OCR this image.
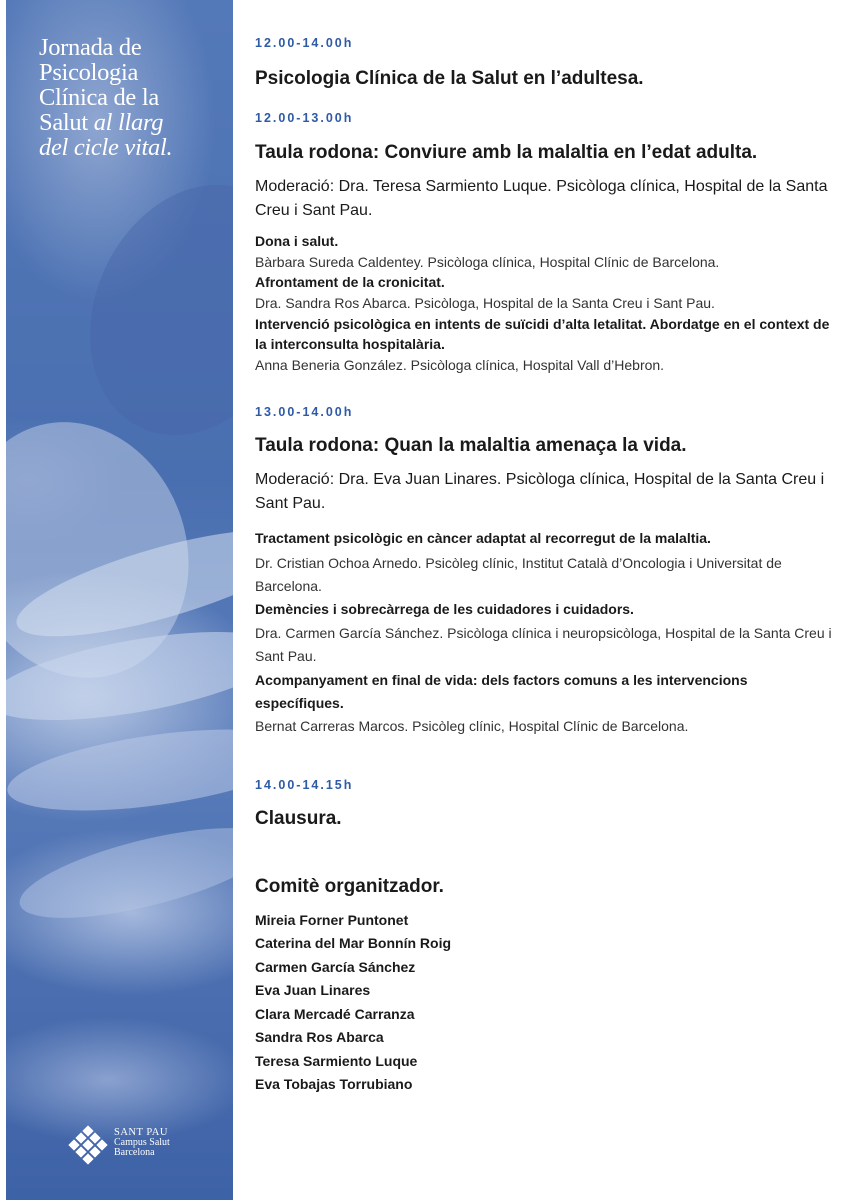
Jornada de
Psicologia
Clínica de la
Salut al llarg
del cicle vital.
SANT PAU
Campus Salut
Barcelona
12.00-14.00h
Psicologia Clínica de la Salut en l’adultesa.
12.00-13.00h
Taula rodona: Conviure amb la malaltia en l’edat adulta.
Moderació: Dra. Teresa Sarmiento Luque. Psicòloga clínica, Hospital de la Santa Creu i Sant Pau.
Dona i salut.
Bàrbara Sureda Caldentey. Psicòloga clínica, Hospital Clínic de Barcelona.
Afrontament de la cronicitat.
Dra. Sandra Ros Abarca. Psicòloga, Hospital de la Santa Creu i Sant Pau.
Intervenció psicològica en intents de suïcidi d’alta letalitat. Abordatge en el context de la interconsulta hospitalària.
Anna Beneria González. Psicòloga clínica, Hospital Vall d’Hebron.
13.00-14.00h
Taula rodona: Quan la malaltia amenaça la vida.
Moderació: Dra. Eva Juan Linares. Psicòloga clínica, Hospital de la Santa Creu i Sant Pau.
Tractament psicològic en càncer adaptat al recorregut de la malaltia.
Dr. Cristian Ochoa Arnedo. Psicòleg clínic, Institut Català d’Oncologia i Universitat de Barcelona.
Demències i sobrecàrrega de les cuidadores i cuidadors.
Dra. Carmen García Sánchez. Psicòloga clínica i neuropsicòloga, Hospital de la Santa Creu i Sant Pau.
Acompanyament en final de vida: dels factors comuns a les intervencions específiques.
Bernat Carreras Marcos. Psicòleg clínic, Hospital Clínic de Barcelona.
14.00-14.15h
Clausura.
Comitè organitzador.
Mireia Forner Puntonet
Caterina del Mar Bonnín Roig
Carmen García Sánchez
Eva Juan Linares
Clara Mercadé Carranza
Sandra Ros Abarca
Teresa Sarmiento Luque
Eva Tobajas Torrubiano
